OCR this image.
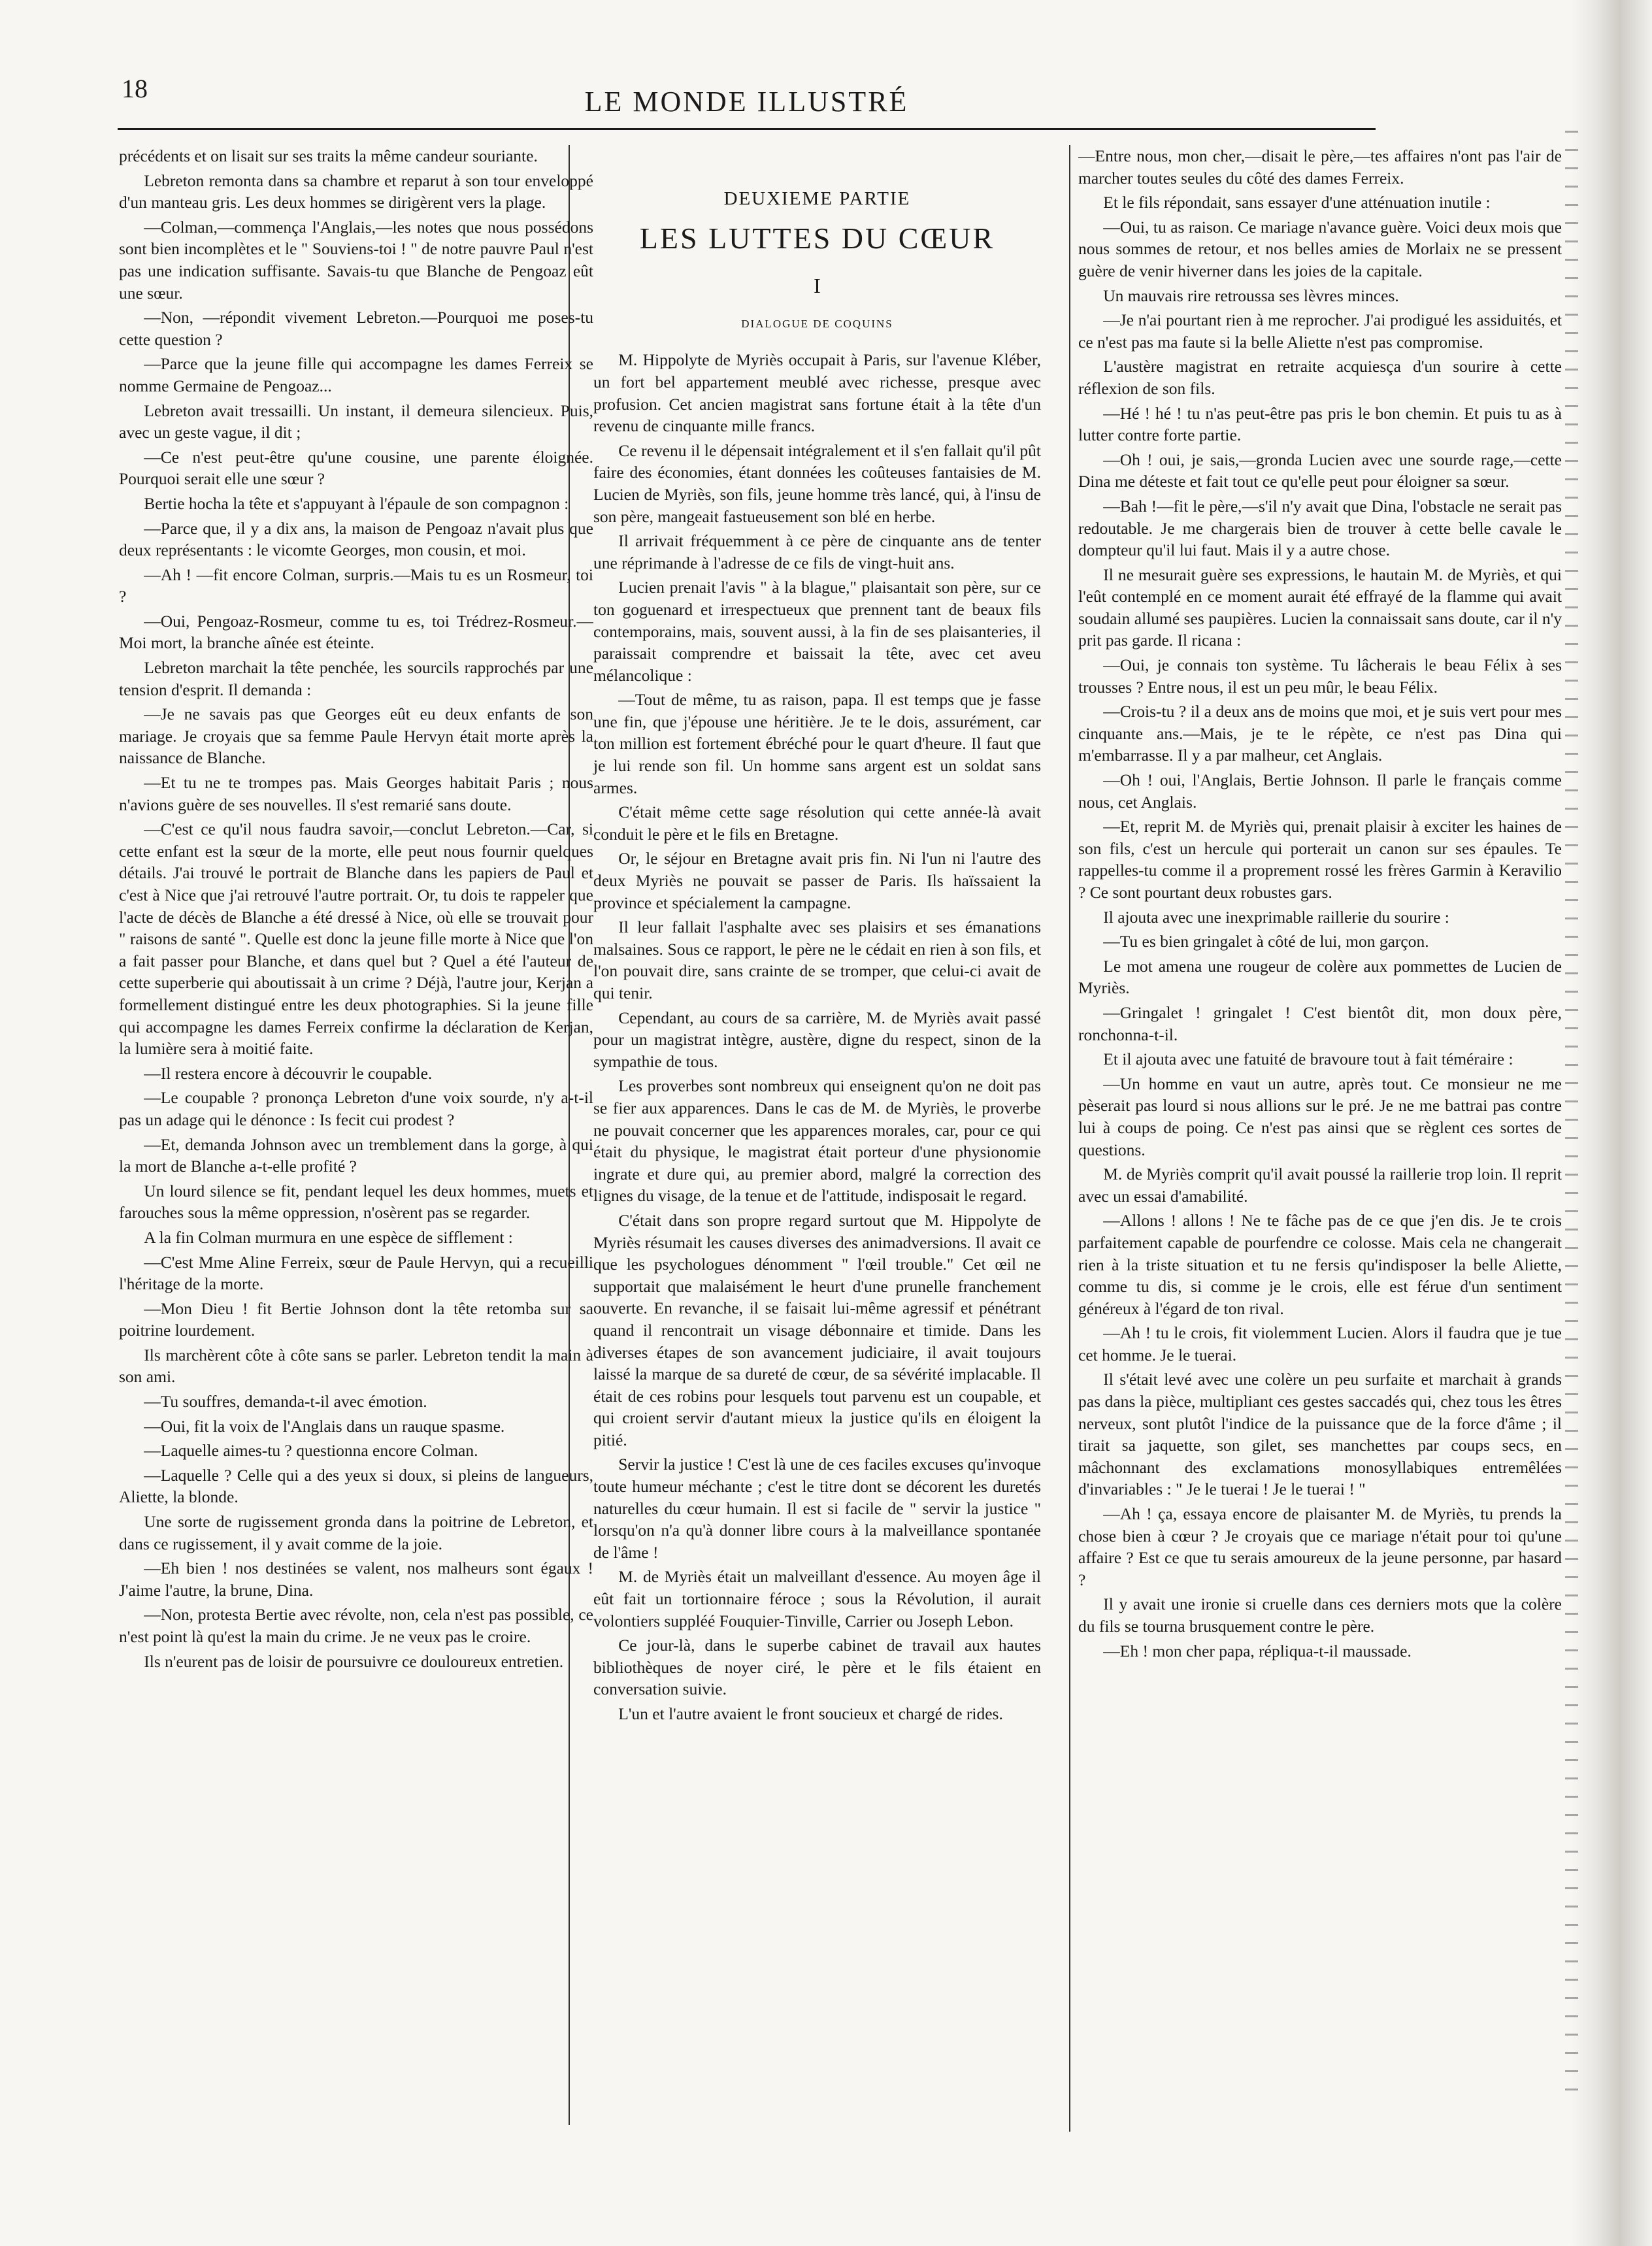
18	LE MONDE ILLUSTRÉ

précédents et on lisait sur ses traits la même candeur souriante.

Lebreton remonta dans sa chambre et reparut à son tour enveloppé d'un manteau gris. Les deux hommes se dirigèrent vers la plage.

—Colman,—commença l'Anglais,—les notes que nous possédons sont bien incomplètes et le " Souviens-toi ! " de notre pauvre Paul n'est pas une indication suffisante. Savais-tu que Blanche de Pengoaz eût une sœur.

—Non, —répondit vivement Lebreton.—Pourquoi me poses-tu cette question ?

—Parce que la jeune fille qui accompagne les dames Ferreix se nomme Germaine de Pengoaz...

Lebreton avait tressailli. Un instant, il demeura silencieux. Puis, avec un geste vague, il dit ;

—Ce n'est peut-être qu'une cousine, une parente éloignée. Pourquoi serait elle une sœur ?

Bertie hocha la tête et s'appuyant à l'épaule de son compagnon :

—Parce que, il y a dix ans, la maison de Pengoaz n'avait plus que deux représentants : le vicomte Georges, mon cousin, et moi.

—Ah ! —fit encore Colman, surpris.—Mais tu es un Rosmeur, toi ?

—Oui, Pengoaz-Rosmeur, comme tu es, toi Trédrez-Rosmeur.—Moi mort, la branche aînée est éteinte.

Lebreton marchait la tête penchée, les sourcils rapprochés par une tension d'esprit. Il demanda :

—Je ne savais pas que Georges eût eu deux enfants de son mariage. Je croyais que sa femme Paule Hervyn était morte après la naissance de Blanche.

—Et tu ne te trompes pas. Mais Georges habitait Paris ; nous n'avions guère de ses nouvelles. Il s'est remarié sans doute.

—C'est ce qu'il nous faudra savoir,—conclut Lebreton.—Car, si cette enfant est la sœur de la morte, elle peut nous fournir quelques détails. J'ai trouvé le portrait de Blanche dans les papiers de Paul et c'est à Nice que j'ai retrouvé l'autre portrait. Or, tu dois te rappeler que l'acte de décès de Blanche a été dressé à Nice, où elle se trouvait pour " raisons de santé ". Quelle est donc la jeune fille morte à Nice que l'on a fait passer pour Blanche, et dans quel but ? Quel a été l'auteur de cette superberie qui aboutissait à un crime ? Déjà, l'autre jour, Kerjan a formellement distingué entre les deux photographies. Si la jeune fille qui accompagne les dames Ferreix confirme la déclaration de Kerjan, la lumière sera à moitié faite.

—Il restera encore à découvrir le coupable.

—Le coupable ? prononça Lebreton d'une voix sourde, n'y a-t-il pas un adage qui le dénonce : Is fecit cui prodest ?

—Et, demanda Johnson avec un tremblement dans la gorge, à qui la mort de Blanche a-t-elle profité ?

Un lourd silence se fit, pendant lequel les deux hommes, muets et farouches sous la même oppression, n'osèrent pas se regarder.

A la fin Colman murmura en une espèce de sifflement :

—C'est Mme Aline Ferreix, sœur de Paule Hervyn, qui a recueilli l'héritage de la morte.

—Mon Dieu ! fit Bertie Johnson dont la tête retomba sur sa poitrine lourdement.

Ils marchèrent côte à côte sans se parler. Lebreton tendit la main à son ami.

—Tu souffres, demanda-t-il avec émotion.

—Oui, fit la voix de l'Anglais dans un rauque spasme.

—Laquelle aimes-tu ? questionna encore Colman.

—Laquelle ? Celle qui a des yeux si doux, si pleins de langueurs, Aliette, la blonde.

Une sorte de rugissement gronda dans la poitrine de Lebreton, et dans ce rugissement, il y avait comme de la joie.

—Eh bien ! nos destinées se valent, nos malheurs sont égaux ! J'aime l'autre, la brune, Dina.

—Non, protesta Bertie avec révolte, non, cela n'est pas possible, ce n'est point là qu'est la main du crime. Je ne veux pas le croire.

Ils n'eurent pas de loisir de poursuivre ce douloureux entretien.

DEUXIEME PARTIE

LES LUTTES DU CŒUR

I

DIALOGUE DE COQUINS

M. Hippolyte de Myriès occupait à Paris, sur l'avenue Kléber, un fort bel appartement meublé avec richesse, presque avec profusion. Cet ancien magistrat sans fortune était à la tête d'un revenu de cinquante mille francs.

Ce revenu il le dépensait intégralement et il s'en fallait qu'il pût faire des économies, étant données les coûteuses fantaisies de M. Lucien de Myriès, son fils, jeune homme très lancé, qui, à l'insu de son père, mangeait fastueusement son blé en herbe.

Il arrivait fréquemment à ce père de cinquante ans de tenter une réprimande à l'adresse de ce fils de vingt-huit ans.

Lucien prenait l'avis " à la blague," plaisantait son père, sur ce ton goguenard et irrespectueux que prennent tant de beaux fils contemporains, mais, souvent aussi, à la fin de ses plaisanteries, il paraissait comprendre et baissait la tête, avec cet aveu mélancolique :

—Tout de même, tu as raison, papa. Il est temps que je fasse une fin, que j'épouse une héritière. Je te le dois, assurément, car ton million est fortement ébréché pour le quart d'heure. Il faut que je lui rende son fil. Un homme sans argent est un soldat sans armes.

C'était même cette sage résolution qui cette année-là avait conduit le père et le fils en Bretagne.

Or, le séjour en Bretagne avait pris fin. Ni l'un ni l'autre des deux Myriès ne pouvait se passer de Paris. Ils haïssaient la province et spécialement la campagne.

Il leur fallait l'asphalte avec ses plaisirs et ses émanations malsaines. Sous ce rapport, le père ne le cédait en rien à son fils, et l'on pouvait dire, sans crainte de se tromper, que celui-ci avait de qui tenir.

Cependant, au cours de sa carrière, M. de Myriès avait passé pour un magistrat intègre, austère, digne du respect, sinon de la sympathie de tous.

Les proverbes sont nombreux qui enseignent qu'on ne doit pas se fier aux apparences. Dans le cas de M. de Myriès, le proverbe ne pouvait concerner que les apparences morales, car, pour ce qui était du physique, le magistrat était porteur d'une physionomie ingrate et dure qui, au premier abord, malgré la correction des lignes du visage, de la tenue et de l'attitude, indisposait le regard.

C'était dans son propre regard surtout que M. Hippolyte de Myriès résumait les causes diverses des animadversions. Il avait ce que les psychologues dénomment " l'œil trouble." Cet œil ne supportait que malaisément le heurt d'une prunelle franchement ouverte. En revanche, il se faisait lui-même agressif et pénétrant quand il rencontrait un visage débonnaire et timide. Dans les diverses étapes de son avancement judiciaire, il avait toujours laissé la marque de sa dureté de cœur, de sa sévérité implacable. Il était de ces robins pour lesquels tout parvenu est un coupable, et qui croient servir d'autant mieux la justice qu'ils en éloigent la pitié.

Servir la justice ! C'est là une de ces faciles excuses qu'invoque toute humeur méchante ; c'est le titre dont se décorent les duretés naturelles du cœur humain. Il est si facile de " servir la justice " lorsqu'on n'a qu'à donner libre cours à la malveillance spontanée de l'âme !

M. de Myriès était un malveillant d'essence. Au moyen âge il eût fait un tortionnaire féroce ; sous la Révolution, il aurait volontiers suppléé Fouquier-Tinville, Carrier ou Joseph Lebon.

Ce jour-là, dans le superbe cabinet de travail aux hautes bibliothèques de noyer ciré, le père et le fils étaient en conversation suivie.

L'un et l'autre avaient le front soucieux et chargé de rides.

—Entre nous, mon cher,—disait le père,—tes affaires n'ont pas l'air de marcher toutes seules du côté des dames Ferreix.

Et le fils répondait, sans essayer d'une atténuation inutile :

—Oui, tu as raison. Ce mariage n'avance guère. Voici deux mois que nous sommes de retour, et nos belles amies de Morlaix ne se pressent guère de venir hiverner dans les joies de la capitale.

Un mauvais rire retroussa ses lèvres minces.

—Je n'ai pourtant rien à me reprocher. J'ai prodigué les assiduités, et ce n'est pas ma faute si la belle Aliette n'est pas compromise.

L'austère magistrat en retraite acquiesça d'un sourire à cette réflexion de son fils.

—Hé ! hé ! tu n'as peut-être pas pris le bon chemin. Et puis tu as à lutter contre forte partie.

—Oh ! oui, je sais,—gronda Lucien avec une sourde rage,—cette Dina me déteste et fait tout ce qu'elle peut pour éloigner sa sœur.

—Bah !—fit le père,—s'il n'y avait que Dina, l'obstacle ne serait pas redoutable. Je me chargerais bien de trouver à cette belle cavale le dompteur qu'il lui faut. Mais il y a autre chose.

Il ne mesurait guère ses expressions, le hautain M. de Myriès, et qui l'eût contemplé en ce moment aurait été effrayé de la flamme qui avait soudain allumé ses paupières. Lucien la connaissait sans doute, car il n'y prit pas garde. Il ricana :

—Oui, je connais ton système. Tu lâcherais le beau Félix à ses trousses ? Entre nous, il est un peu mûr, le beau Félix.

—Crois-tu ? il a deux ans de moins que moi, et je suis vert pour mes cinquante ans.—Mais, je te le répète, ce n'est pas Dina qui m'embarrasse. Il y a par malheur, cet Anglais.

—Oh ! oui, l'Anglais, Bertie Johnson. Il parle le français comme nous, cet Anglais.

—Et, reprit M. de Myriès qui, prenait plaisir à exciter les haines de son fils, c'est un hercule qui porterait un canon sur ses épaules. Te rappelles-tu comme il a proprement rossé les frères Garmin à Keravilio ? Ce sont pourtant deux robustes gars.

Il ajouta avec une inexprimable raillerie du sourire :

—Tu es bien gringalet à côté de lui, mon garçon.

Le mot amena une rougeur de colère aux pommettes de Lucien de Myriès.

—Gringalet ! gringalet ! C'est bientôt dit, mon doux père, ronchonna-t-il.

Et il ajouta avec une fatuité de bravoure tout à fait téméraire :

—Un homme en vaut un autre, après tout. Ce monsieur ne me pèserait pas lourd si nous allions sur le pré. Je ne me battrai pas contre lui à coups de poing. Ce n'est pas ainsi que se règlent ces sortes de questions.

M. de Myriès comprit qu'il avait poussé la raillerie trop loin. Il reprit avec un essai d'amabilité.

—Allons ! allons ! Ne te fâche pas de ce que j'en dis. Je te crois parfaitement capable de pourfendre ce colosse. Mais cela ne changerait rien à la triste situation et tu ne fersis qu'indisposer la belle Aliette, comme tu dis, si comme je le crois, elle est férue d'un sentiment généreux à l'égard de ton rival.

—Ah ! tu le crois, fit violemment Lucien. Alors il faudra que je tue cet homme. Je le tuerai.

Il s'était levé avec une colère un peu surfaite et marchait à grands pas dans la pièce, multipliant ces gestes saccadés qui, chez tous les êtres nerveux, sont plutôt l'indice de la puissance que de la force d'âme ; il tirait sa jaquette, son gilet, ses manchettes par coups secs, en mâchonnant des exclamations monosyllabiques entremêlées d'invariables : " Je le tuerai ! Je le tuerai ! "

—Ah ! ça, essaya encore de plaisanter M. de Myriès, tu prends la chose bien à cœur ? Je croyais que ce mariage n'était pour toi qu'une affaire ? Est ce que tu serais amoureux de la jeune personne, par hasard ?

Il y avait une ironie si cruelle dans ces derniers mots que la colère du fils se tourna brusquement contre le père.

—Eh ! mon cher papa, répliqua-t-il maussade.
